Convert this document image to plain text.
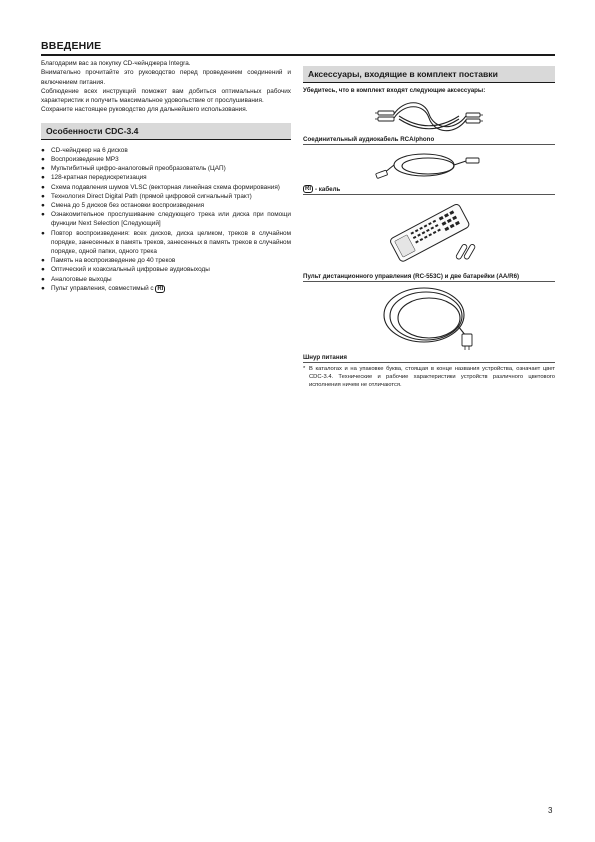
ВВЕДЕНИЕ

Благодарим вас за покупку CD-чейнджера Integra.

Внимательно прочитайте это руководство перед проведением соединений и включением питания.

Соблюдение всех инструкций поможет вам добиться оптимальных рабочих характеристик и получить максимальное удовольствие от прослушивания.

Сохраните настоящее руководство для дальнейшего использования.

Особенности CDC-3.4
● CD-чейнджер на 6 дисков
● Воспроизведение MP3
● Мультибитный цифро-аналоговый преобразователь (ЦАП)
● 128-кратная передискретизация
● Схема подавления шумов VLSC (векторная линейная схема формирования)
● Технология Direct Digital Path (прямой цифровой сигнальный тракт)
● Смена до 5 дисков без остановки воспроизведения
● Ознакомительное прослушивание следующего трека или диска при помощи функции Next Selection [Следующий]
● Повтор воспроизведения: всех дисков, диска целиком, треков в случайном порядке, занесенных в память треков, занесенных в память треков в случайном порядке, одной папки, одного трека
● Память на воспроизведение до 40 треков
● Оптический и коаксиальный цифровые аудиовыходы
● Аналоговые выходы
● Пульт управления, совместимый с RI
Аксессуары, входящие в комплект поставки
Убедитесь, что в комплект входят следующие аксессуары:
Соединительный аудиокабель RCA/phono
RI - кабель
Пульт дистанционного управления (RC-553C) и две батарейки (AA/R6)
Шнур питания
* В каталогах и на упаковке буква, стоящая в конце названия устройства, означает цвет CDC-3.4. Технические и рабочие характеристики устройств различного цветового исполнения ничем не отличаются.
3
